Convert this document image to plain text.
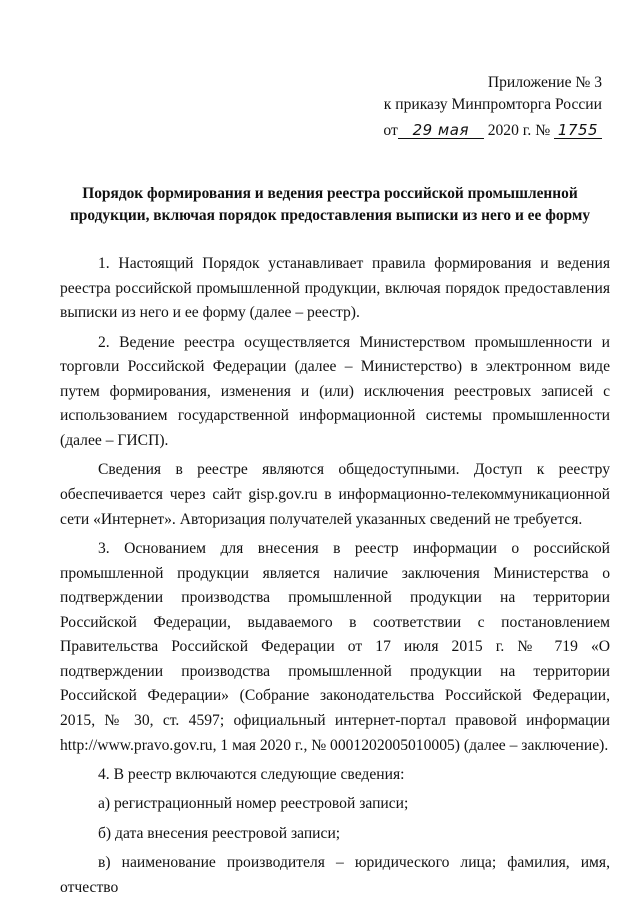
Приложение № 3
к приказу Минпромторга России
от 29 мая 2020 г. № 1755
Порядок формирования и ведения реестра российской промышленной продукции, включая порядок предоставления выписки из него и ее форму

1. Настоящий Порядок устанавливает правила формирования и ведения реестра российской промышленной продукции, включая порядок предоставления выписки из него и ее форму (далее – реестр).

2. Ведение реестра осуществляется Министерством промышленности и торговли Российской Федерации (далее – Министерство) в электронном виде путем формирования, изменения и (или) исключения реестровых записей с использованием государственной информационной системы промышленности (далее – ГИСП).

Сведения в реестре являются общедоступными. Доступ к реестру обеспечивается через сайт gisp.gov.ru в информационно-телекоммуникационной сети «Интернет». Авторизация получателей указанных сведений не требуется.

3. Основанием для внесения в реестр информации о российской промышленной продукции является наличие заключения Министерства о подтверждении производства промышленной продукции на территории Российской Федерации, выдаваемого в соответствии с постановлением Правительства Российской Федерации от 17 июля 2015 г. № 719 «О подтверждении производства промышленной продукции на территории Российской Федерации» (Собрание законодательства Российской Федерации, 2015, № 30, ст. 4597; официальный интернет-портал правовой информации http://www.pravo.gov.ru, 1 мая 2020 г., № 0001202005010005) (далее – заключение).

4. В реестр включаются следующие сведения:

а) регистрационный номер реестровой записи;

б) дата внесения реестровой записи;

в) наименование производителя – юридического лица; фамилия, имя, отчество
